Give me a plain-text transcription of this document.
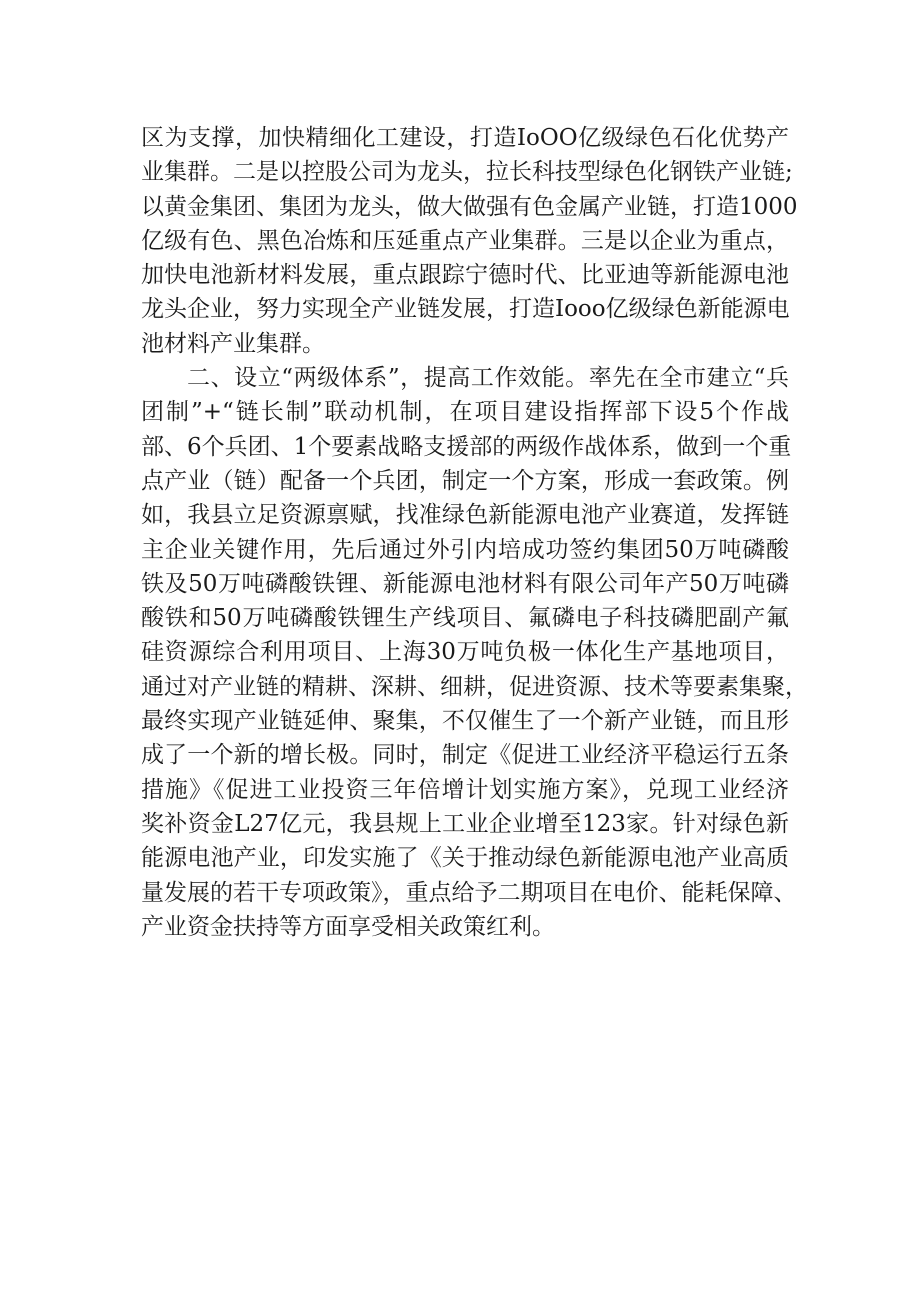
区为支撑，加快精细化工建设，打造IoOO亿级绿色石化优势产
业集群。二是以控股公司为龙头，拉长科技型绿色化钢铁产业链;
以黄金集团、集团为龙头，做大做强有色金属产业链，打造1000
亿级有色、黑色冶炼和压延重点产业集群。三是以企业为重点，
加快电池新材料发展，重点跟踪宁德时代、比亚迪等新能源电池
龙头企业，努力实现全产业链发展，打造Iooo亿级绿色新能源电
池材料产业集群。
二、设立“两级体系”，提高工作效能。率先在全市建立“兵
团制”+“链长制”联动机制，在项目建设指挥部下设5个作战
部、6个兵团、1个要素战略支援部的两级作战体系，做到一个重
点产业（链）配备一个兵团，制定一个方案，形成一套政策。例
如，我县立足资源禀赋，找准绿色新能源电池产业赛道，发挥链
主企业关键作用，先后通过外引内培成功签约集团50万吨磷酸
铁及50万吨磷酸铁锂、新能源电池材料有限公司年产50万吨磷
酸铁和50万吨磷酸铁锂生产线项目、氟磷电子科技磷肥副产氟
硅资源综合利用项目、上海30万吨负极一体化生产基地项目，
通过对产业链的精耕、深耕、细耕，促进资源、技术等要素集聚，
最终实现产业链延伸、聚集，不仅催生了一个新产业链，而且形
成了一个新的增长极。同时，制定《促进工业经济平稳运行五条
措施》《促进工业投资三年倍增计划实施方案》，兑现工业经济
奖补资金L27亿元，我县规上工业企业增至123家。针对绿色新
能源电池产业，印发实施了《关于推动绿色新能源电池产业高质
量发展的若干专项政策》，重点给予二期项目在电价、能耗保障、
产业资金扶持等方面享受相关政策红利。
